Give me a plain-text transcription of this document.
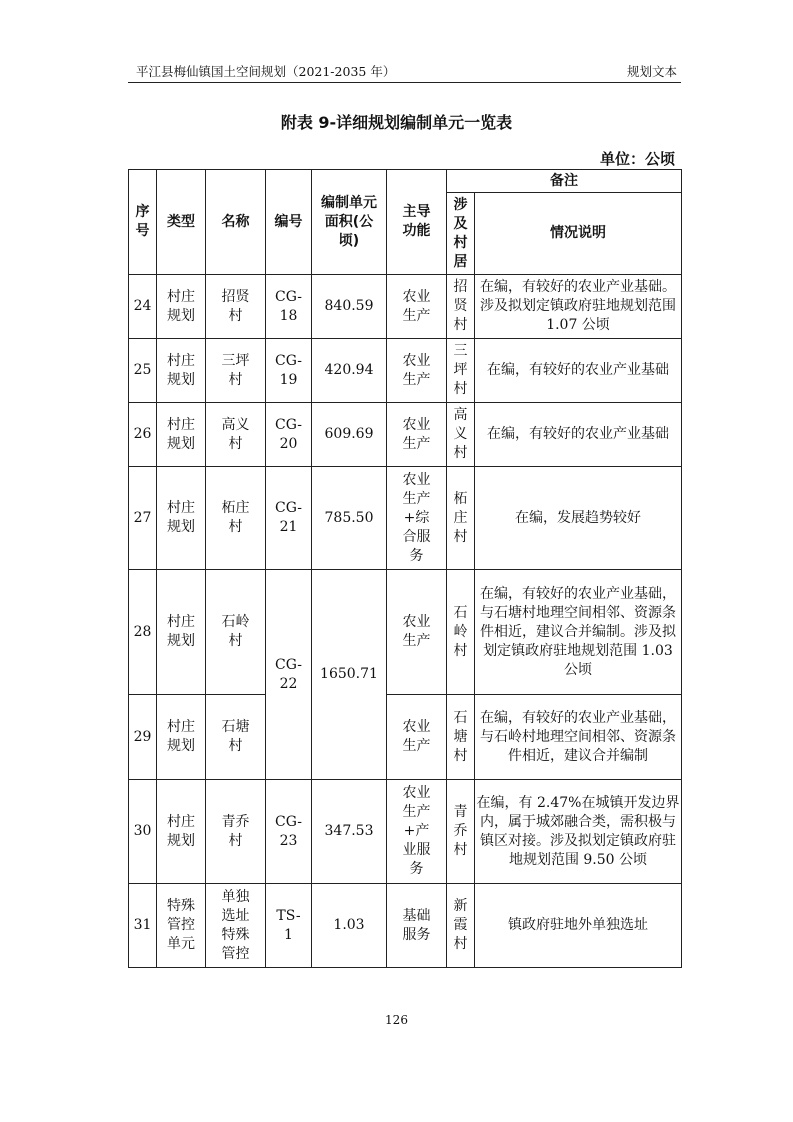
平江县梅仙镇国土空间规划（2021-2035 年）	规划文本
附表 9-详细规划编制单元一览表
单位：公顷
序号	类型	名称	编号	编制单元面积(公顷)	主导功能	备注	
						涉及村居	情况说明
24	村庄规划	招贤村	CG-18	840.59	农业生产	招贤村	在编，有较好的农业产业基础。涉及拟划定镇政府驻地规划范围 1.07 公顷
25	村庄规划	三坪村	CG-19	420.94	农业生产	三坪村	在编，有较好的农业产业基础
26	村庄规划	高义村	CG-20	609.69	农业生产	高义村	在编，有较好的农业产业基础
27	村庄规划	柘庄村	CG-21	785.50	农业生产+综合服务	柘庄村	在编，发展趋势较好
28	村庄规划	石岭村	CG-22	1650.71	农业生产	石岭村	在编，有较好的农业产业基础，与石塘村地理空间相邻、资源条件相近，建议合并编制。涉及拟划定镇政府驻地规划范围 1.03 公顷
29	村庄规划	石塘村			农业生产	石塘村	在编，有较好的农业产业基础，与石岭村地理空间相邻、资源条件相近，建议合并编制
30	村庄规划	青乔村	CG-23	347.53	农业生产+产业服务	青乔村	在编，有 2.47%在城镇开发边界内，属于城郊融合类，需积极与镇区对接。涉及拟划定镇政府驻地规划范围 9.50 公顷
31	特殊管控单元	单独选址特殊管控	TS-1	1.03	基础服务	新霞村	镇政府驻地外单独选址
126
